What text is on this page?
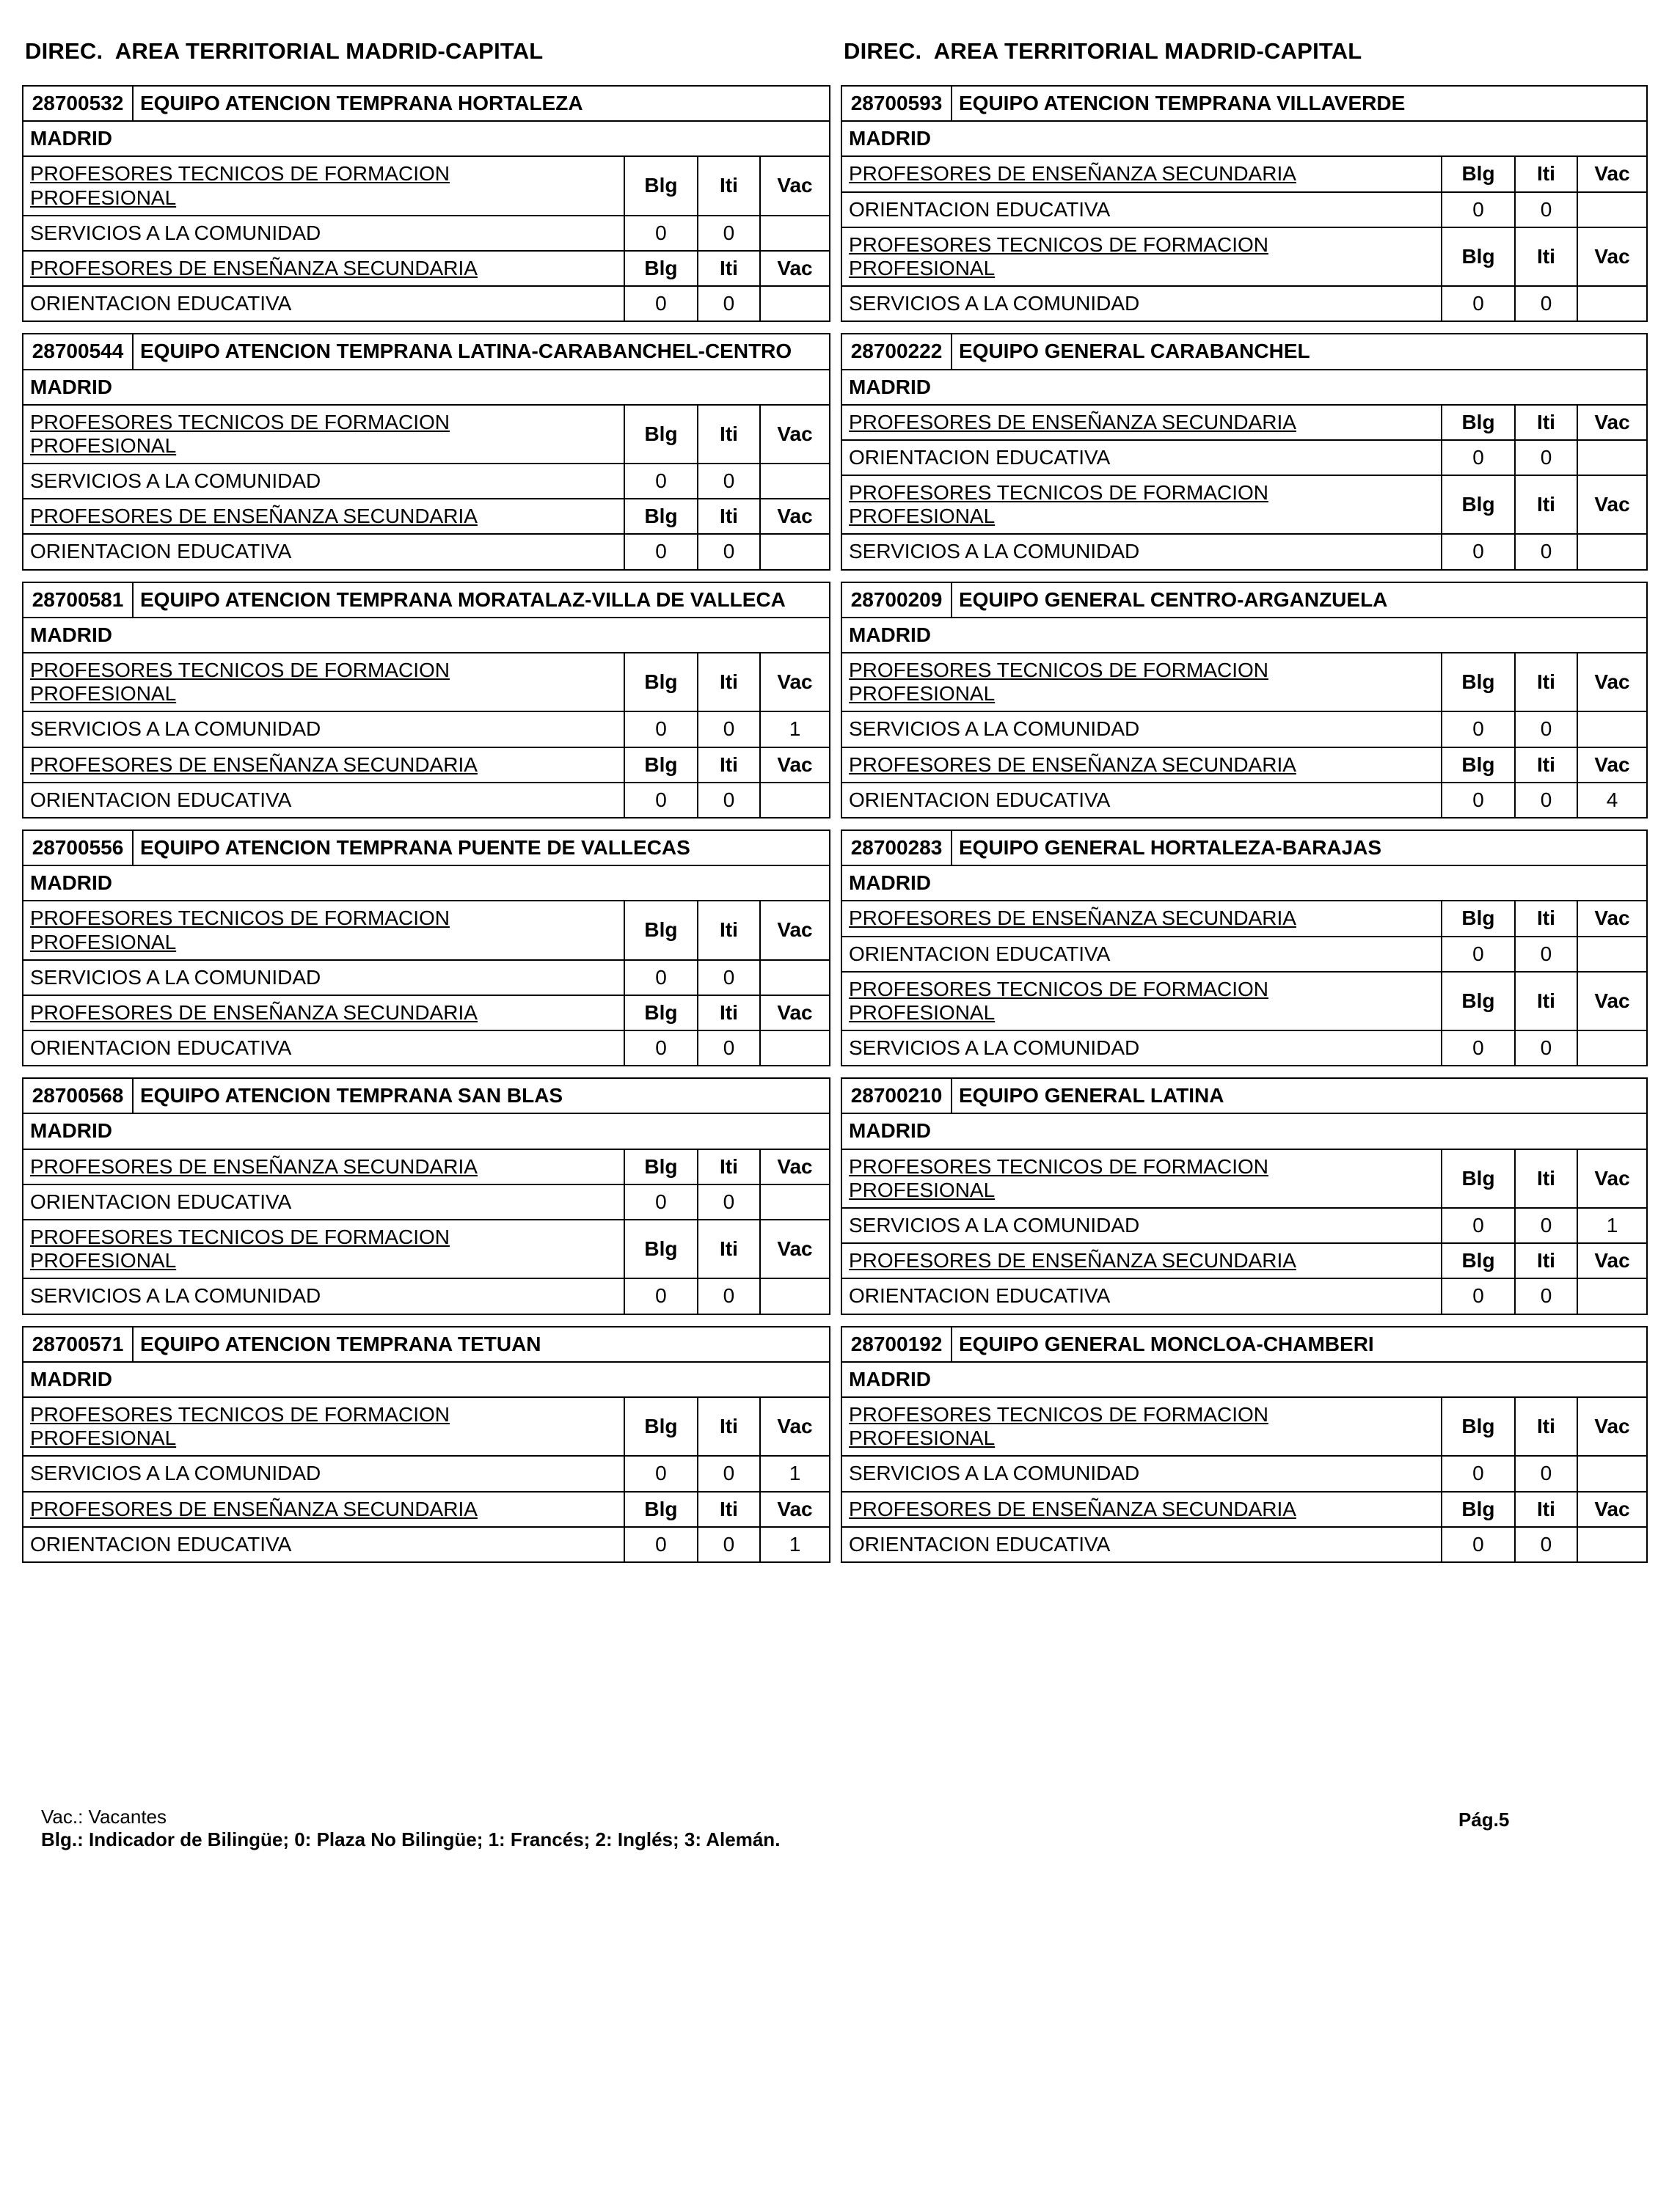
DIREC.  AREA TERRITORIAL MADRID-CAPITAL	DIREC.  AREA TERRITORIAL MADRID-CAPITAL
28700532	EQUIPO ATENCION TEMPRANA HORTALEZA			
MADRID				

PROFESORES TECNICOS DE FORMACION PROFESIONAL		Blg	Iti	Vac
SERVICIOS A LA COMUNIDAD		0	0	

PROFESORES DE ENSEÑANZA SECUNDARIA		Blg	Iti	Vac
ORIENTACION EDUCATIVA		0	0	
28700544	EQUIPO ATENCION TEMPRANA LATINA-CARABANCHEL-CENTRO			
MADRID				

PROFESORES TECNICOS DE FORMACION PROFESIONAL		Blg	Iti	Vac
SERVICIOS A LA COMUNIDAD		0	0	

PROFESORES DE ENSEÑANZA SECUNDARIA		Blg	Iti	Vac
ORIENTACION EDUCATIVA		0	0	
28700581	EQUIPO ATENCION TEMPRANA MORATALAZ-VILLA DE VALLECA			
MADRID				

PROFESORES TECNICOS DE FORMACION PROFESIONAL		Blg	Iti	Vac
SERVICIOS A LA COMUNIDAD		0	0	1

PROFESORES DE ENSEÑANZA SECUNDARIA		Blg	Iti	Vac
ORIENTACION EDUCATIVA		0	0	
28700556	EQUIPO ATENCION TEMPRANA PUENTE DE VALLECAS			
MADRID				

PROFESORES TECNICOS DE FORMACION PROFESIONAL		Blg	Iti	Vac
SERVICIOS A LA COMUNIDAD		0	0	

PROFESORES DE ENSEÑANZA SECUNDARIA		Blg	Iti	Vac
ORIENTACION EDUCATIVA		0	0	
28700568	EQUIPO ATENCION TEMPRANA SAN BLAS			
MADRID				

PROFESORES DE ENSEÑANZA SECUNDARIA		Blg	Iti	Vac
ORIENTACION EDUCATIVA		0	0	

PROFESORES TECNICOS DE FORMACION PROFESIONAL		Blg	Iti	Vac
SERVICIOS A LA COMUNIDAD		0	0	
28700571	EQUIPO ATENCION TEMPRANA TETUAN			
MADRID				

PROFESORES TECNICOS DE FORMACION PROFESIONAL		Blg	Iti	Vac
SERVICIOS A LA COMUNIDAD		0	0	1

PROFESORES DE ENSEÑANZA SECUNDARIA		Blg	Iti	Vac
ORIENTACION EDUCATIVA		0	0	1
28700593	EQUIPO ATENCION TEMPRANA VILLAVERDE			
MADRID				

PROFESORES DE ENSEÑANZA SECUNDARIA		Blg	Iti	Vac
ORIENTACION EDUCATIVA		0	0	

PROFESORES TECNICOS DE FORMACION PROFESIONAL		Blg	Iti	Vac
SERVICIOS A LA COMUNIDAD		0	0	
28700222	EQUIPO GENERAL CARABANCHEL			
MADRID				

PROFESORES DE ENSEÑANZA SECUNDARIA		Blg	Iti	Vac
ORIENTACION EDUCATIVA		0	0	

PROFESORES TECNICOS DE FORMACION PROFESIONAL		Blg	Iti	Vac
SERVICIOS A LA COMUNIDAD		0	0	
28700209	EQUIPO GENERAL CENTRO-ARGANZUELA			
MADRID				

PROFESORES TECNICOS DE FORMACION PROFESIONAL		Blg	Iti	Vac
SERVICIOS A LA COMUNIDAD		0	0	

PROFESORES DE ENSEÑANZA SECUNDARIA		Blg	Iti	Vac
ORIENTACION EDUCATIVA		0	0	4
28700283	EQUIPO GENERAL HORTALEZA-BARAJAS			
MADRID				

PROFESORES DE ENSEÑANZA SECUNDARIA		Blg	Iti	Vac
ORIENTACION EDUCATIVA		0	0	

PROFESORES TECNICOS DE FORMACION PROFESIONAL		Blg	Iti	Vac
SERVICIOS A LA COMUNIDAD		0	0	
28700210	EQUIPO GENERAL LATINA			
MADRID				

PROFESORES TECNICOS DE FORMACION PROFESIONAL		Blg	Iti	Vac
SERVICIOS A LA COMUNIDAD		0	0	1

PROFESORES DE ENSEÑANZA SECUNDARIA		Blg	Iti	Vac
ORIENTACION EDUCATIVA		0	0	
28700192	EQUIPO GENERAL MONCLOA-CHAMBERI			
MADRID				

PROFESORES TECNICOS DE FORMACION PROFESIONAL		Blg	Iti	Vac
SERVICIOS A LA COMUNIDAD		0	0	

PROFESORES DE ENSEÑANZA SECUNDARIA		Blg	Iti	Vac
ORIENTACION EDUCATIVA		0	0	
Vac.: Vacantes
Blg.: Indicador de Bilingüe; 0: Plaza No Bilingüe; 1: Francés; 2: Inglés; 3: Alemán.
Pág.5
